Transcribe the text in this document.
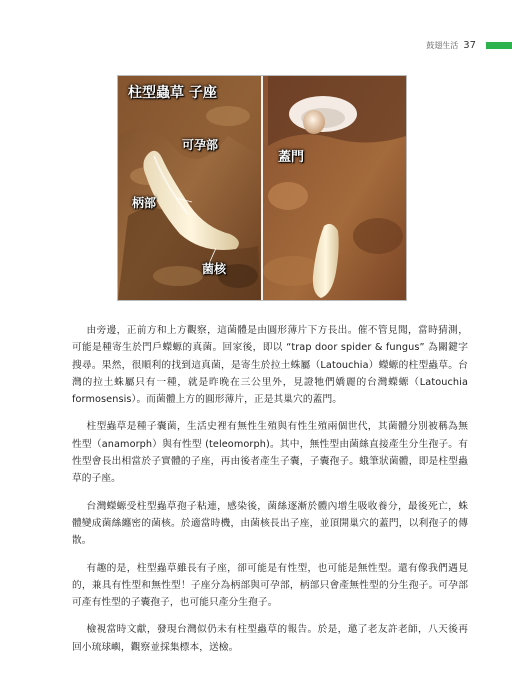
鼓翅生活 37
柱型蟲草 子座
可孕部
柄部
菌核
蓋門

由旁邊，正前方和上方觀察，這菌體是由圓形薄片下方長出。催不管見聞，當時猜測，可能是種寄生於門戶蠑螈的真菌。回家後，即以 “trap door spider & fungus” 為關鍵字搜尋。果然，很順利的找到這真菌，是寄生於拉土蛛屬（Latouchia）蠑螈的柱型蟲草。台灣的拉土蛛屬只有一種，就是昨晚在三公里外，見證牠們嬌麗的台灣蠑螈（Latouchia formosensis）。而菌體上方的圓形薄片，正是其巢穴的蓋門。

柱型蟲草是種子囊菌，生活史裡有無性生殖與有性生殖兩個世代，其菌體分別被稱為無性型（anamorph）與有性型 (teleomorph)。其中，無性型由菌絲直接產生分生孢子。有性型會長出相當於子實體的子座，再由後者產生子囊，子囊孢子。蛾筆狀菌體，即是柱型蟲草的子座。

台灣蠑螈受柱型蟲草孢子粘連，感染後，菌絲逐漸於體內增生吸收養分，最後死亡，蛛體變成菌絲纏密的菌核。於適當時機，由菌核長出子座，並頂開巢穴的蓋門，以利孢子的傳散。

有趣的是，柱型蟲草雖長有子座，卻可能是有性型，也可能是無性型。還有像我們遇見的，兼具有性型和無性型！子座分為柄部與可孕部，柄部只會產無性型的分生孢子。可孕部可產有性型的子囊孢子，也可能只產分生孢子。

檢視當時文獻，發現台灣似仍未有柱型蟲草的報告。於是，邀了老友許老師，八天後再回小琉球嶼，觀察並採集標本，送檢。
